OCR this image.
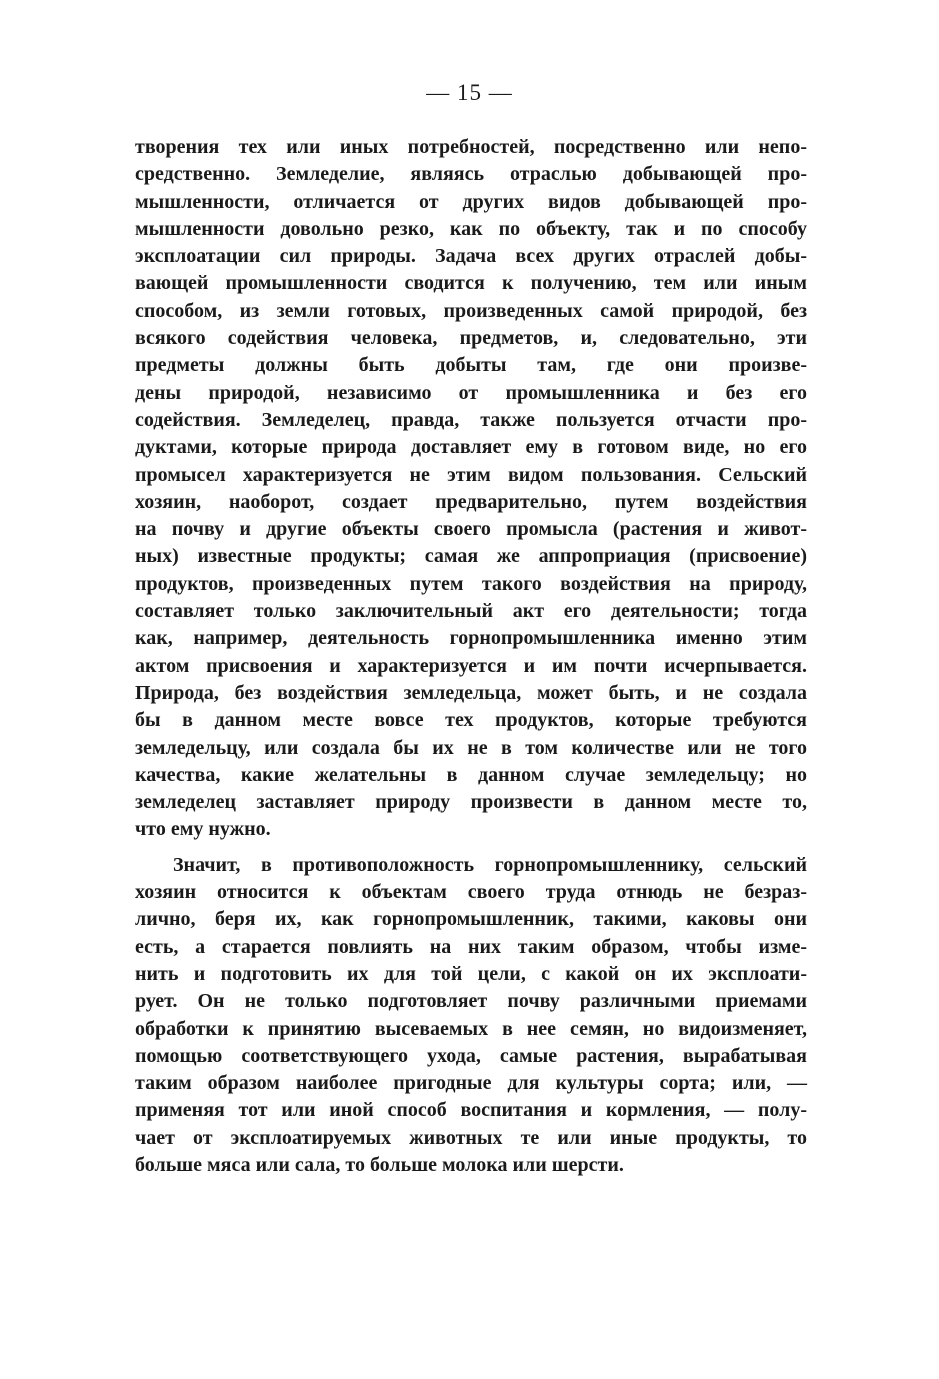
— 15 —
творения тех или иных потребностей, посредственно или непо-
средственно. Земледелие, являясь отраслью добывающей про-
мышленности, отличается от других видов добывающей про-
мышленности довольно резко, как по объекту, так и по способу
эксплоатации сил природы. Задача всех других отраслей добы-
вающей промышленности сводится к получению, тем или иным
способом, из земли готовых, произведенных самой природой, без
всякого содействия человека, предметов, и, следовательно, эти
предметы должны быть добыты там, где они произве-
дены природой, независимо от промышленника и без его
содействия. Земледелец, правда, также пользуется отчасти про-
дуктами, которые природа доставляет ему в готовом виде, но его
промысел характеризуется не этим видом пользования. Сельский
хозяин, наоборот, создает предварительно, путем воздействия
на почву и другие объекты своего промысла (растения и живот-
ных) известные продукты; самая же аппроприация (присвоение)
продуктов, произведенных путем такого воздействия на природу,
составляет только заключительный акт его деятельности; тогда
как, например, деятельность горнопромышленника именно этим
актом присвоения и характеризуется и им почти исчерпывается.
Природа, без воздействия земледельца, может быть, и не создала
бы в данном месте вовсе тех продуктов, которые требуются
земледельцу, или создала бы их не в том количестве или не того
качества, какие желательны в данном случае земледельцу; но
земледелец заставляет природу произвести в данном месте то,
что ему нужно.
Значит, в противоположность горнопромышленнику, сельский
хозяин относится к объектам своего труда отнюдь не безраз-
лично, беря их, как горнопромышленник, такими, каковы они
есть, а старается повлиять на них таким образом, чтобы изме-
нить и подготовить их для той цели, с какой он их эксплоати-
рует. Он не только подготовляет почву различными приемами
обработки к принятию высеваемых в нее семян, но видоизменяет,
помощью соответствующего ухода, самые растения, вырабатывая
таким образом наиболее пригодные для культуры сорта; или, —
применяя тот или иной способ воспитания и кормления, — полу-
чает от эксплоатируемых животных те или иные продукты, то
больше мяса или сала, то больше молока или шерсти.
